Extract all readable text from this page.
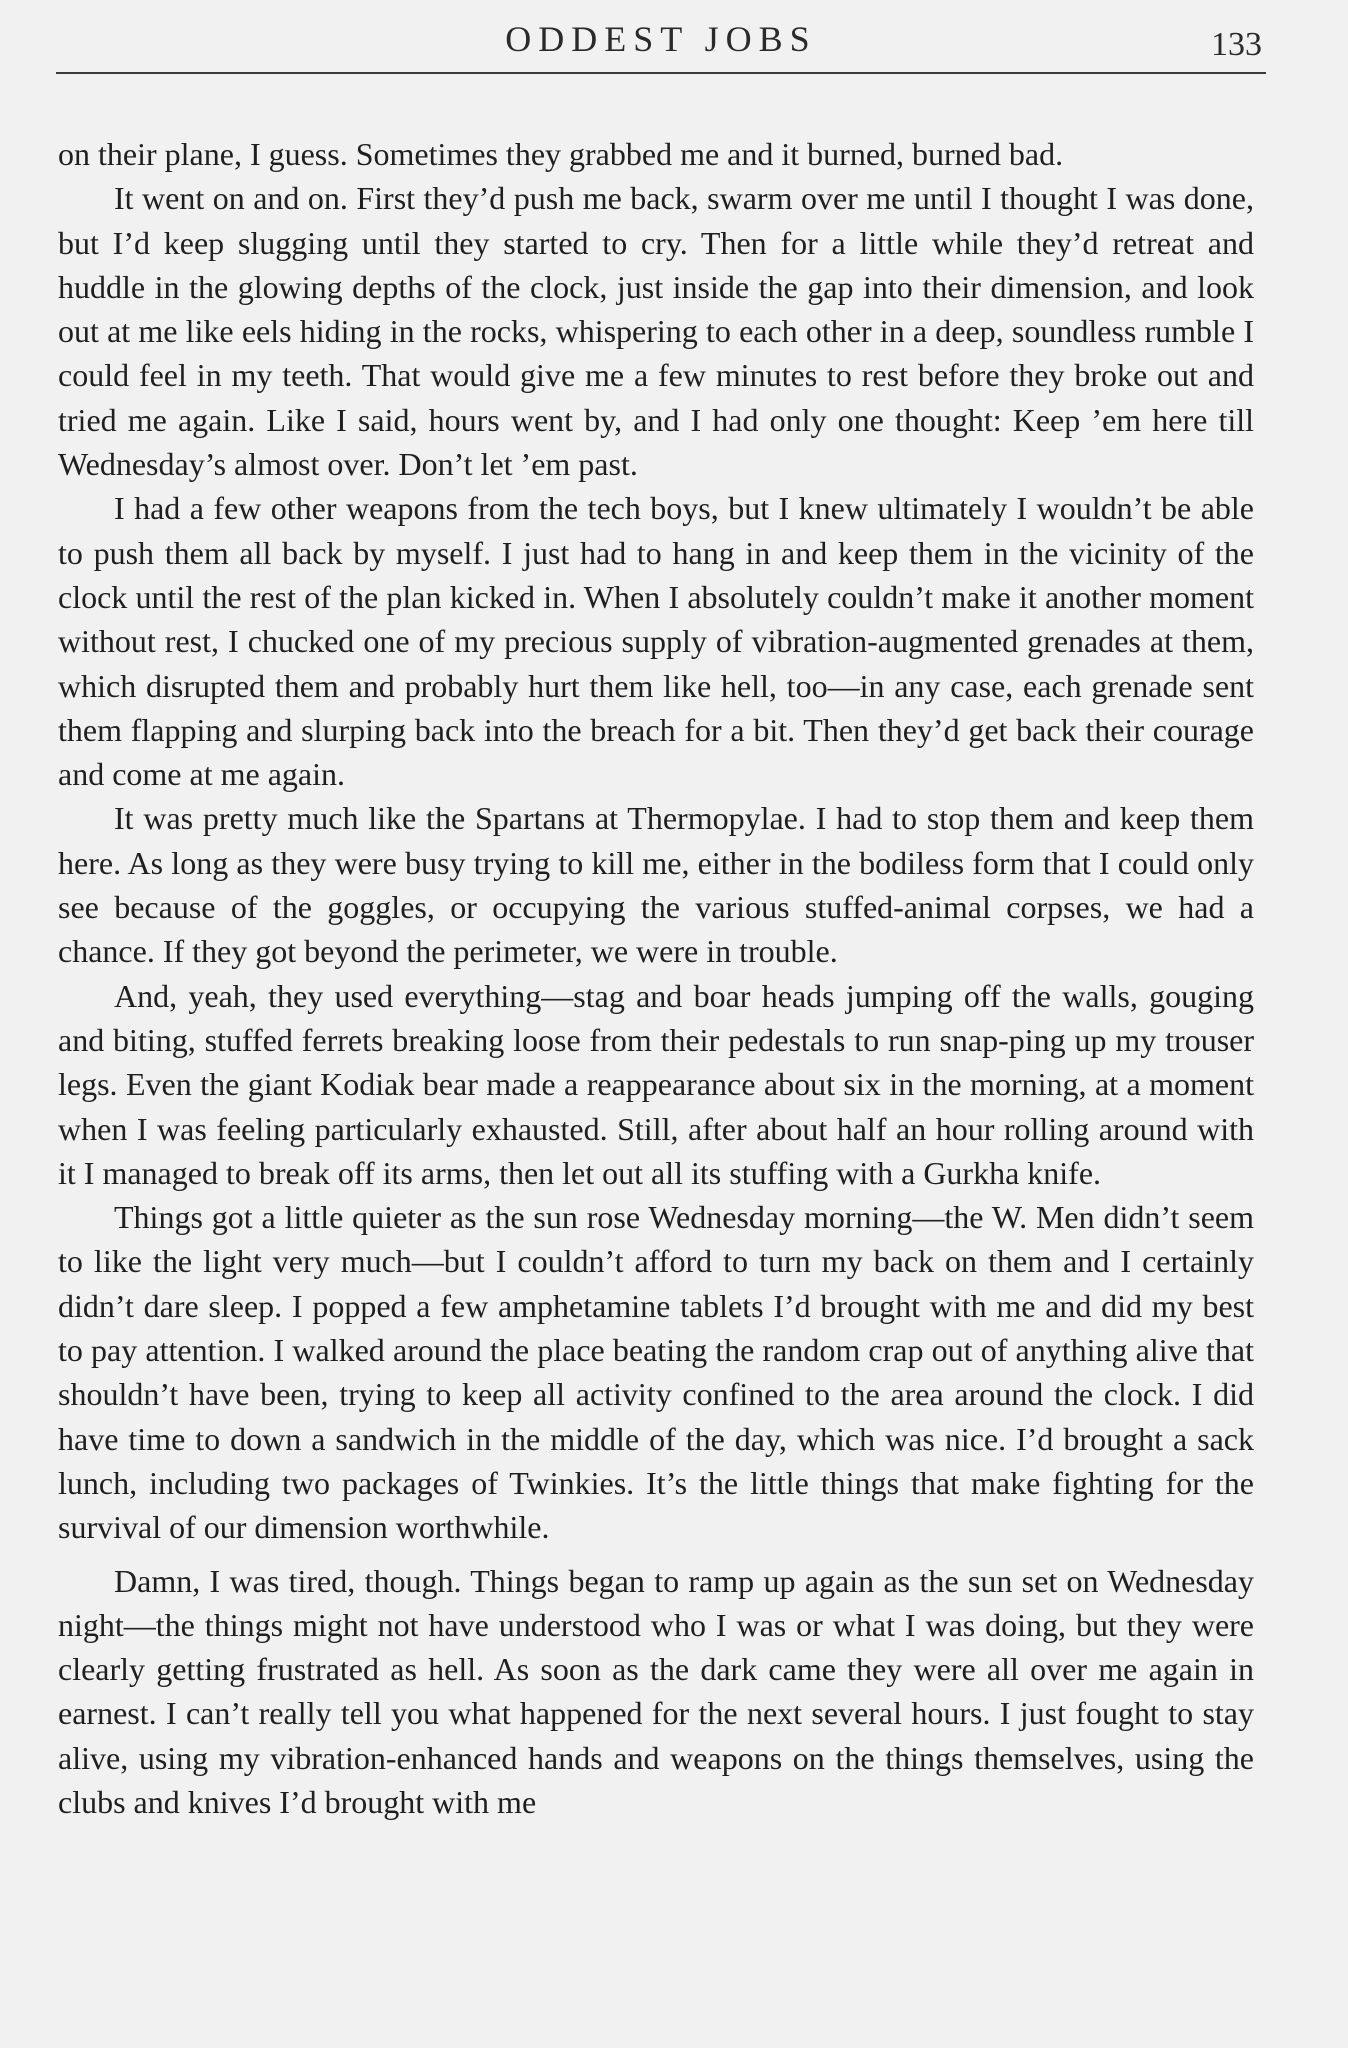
ODDEST JOBS	133

on their plane, I guess. Sometimes they grabbed me and it burned, burned bad.

It went on and on. First they’d push me back, swarm over me until I thought I was done, but I’d keep slugging until they started to cry. Then for a little while they’d retreat and huddle in the glowing depths of the clock, just inside the gap into their dimension, and look out at me like eels hiding in the rocks, whispering to each other in a deep, soundless rumble I could feel in my teeth. That would give me a few minutes to rest before they broke out and tried me again. Like I said, hours went by, and I had only one thought: Keep ’em here till Wednesday’s almost over. Don’t let ’em past.

I had a few other weapons from the tech boys, but I knew ultimately I wouldn’t be able to push them all back by myself. I just had to hang in and keep them in the vicinity of the clock until the rest of the plan kicked in. When I absolutely couldn’t make it another moment without rest, I chucked one of my precious supply of vibration-augmented grenades at them, which disrupted them and probably hurt them like hell, too—in any case, each grenade sent them flapping and slurping back into the breach for a bit. Then they’d get back their courage and come at me again.

It was pretty much like the Spartans at Thermopylae. I had to stop them and keep them here. As long as they were busy trying to kill me, either in the bodiless form that I could only see because of the goggles, or occupying the various stuffed-animal corpses, we had a chance. If they got beyond the perimeter, we were in trouble.

And, yeah, they used everything—stag and boar heads jumping off the walls, gouging and biting, stuffed ferrets breaking loose from their pedestals to run snap-ping up my trouser legs. Even the giant Kodiak bear made a reappearance about six in the morning, at a moment when I was feeling particularly exhausted. Still, after about half an hour rolling around with it I managed to break off its arms, then let out all its stuffing with a Gurkha knife.

Things got a little quieter as the sun rose Wednesday morning—the W. Men didn’t seem to like the light very much—but I couldn’t afford to turn my back on them and I certainly didn’t dare sleep. I popped a few amphetamine tablets I’d brought with me and did my best to pay attention. I walked around the place beating the random crap out of anything alive that shouldn’t have been, trying to keep all activity confined to the area around the clock. I did have time to down a sandwich in the middle of the day, which was nice. I’d brought a sack lunch, including two packages of Twinkies. It’s the little things that make fighting for the survival of our dimension worthwhile.

Damn, I was tired, though. Things began to ramp up again as the sun set on Wednesday night—the things might not have understood who I was or what I was doing, but they were clearly getting frustrated as hell. As soon as the dark came they were all over me again in earnest. I can’t really tell you what happened for the next several hours. I just fought to stay alive, using my vibration-enhanced hands and weapons on the things themselves, using the clubs and knives I’d brought with me
